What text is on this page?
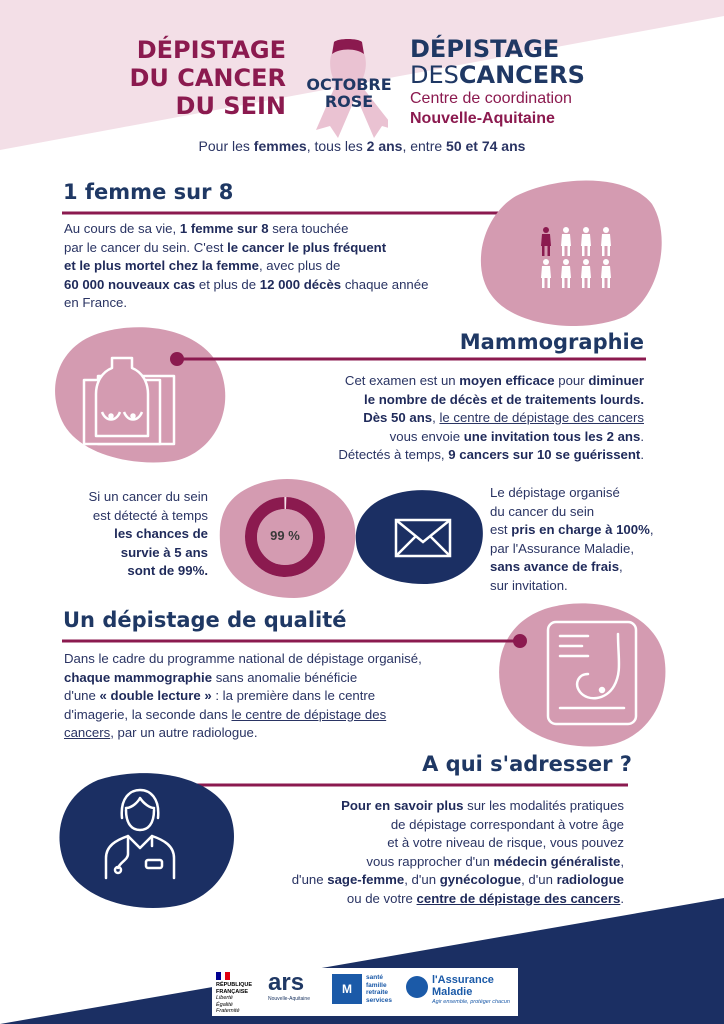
DÉPISTAGE
DU CANCER
DU SEIN
OCTOBRE
ROSE
DÉPISTAGE
DESCANCERS
Centre de coordination
Nouvelle-Aquitaine
Pour les femmes, tous les 2 ans, entre 50 et 74 ans
1 femme sur 8
Au cours de sa vie, 1 femme sur 8 sera touchée
par le cancer du sein. C'est le cancer le plus fréquent
et le plus mortel chez la femme, avec plus de
60 000 nouveaux cas et plus de 12 000 décès chaque année
en France.
Mammographie
Cet examen est un moyen efficace pour diminuer
le nombre de décès et de traitements lourds.
Dès 50 ans, le centre de dépistage des cancers
vous envoie une invitation tous les 2 ans.
Détectés à temps, 9 cancers sur 10 se guérissent.
Si un cancer du sein
est détecté à temps
les chances de
survie à 5 ans
sont de 99%.
99 %
Le dépistage organisé
du cancer du sein
est pris en charge à 100%,
par l'Assurance Maladie,
sans avance de frais,
sur invitation.
Un dépistage de qualité
Dans le cadre du programme national de dépistage organisé,
chaque mammographie sans anomalie bénéficie
d'une « double lecture » : la première dans le centre
d'imagerie, la seconde dans le centre de dépistage des
cancers, par un autre radiologue.
A qui s'adresser ?
Pour en savoir plus sur les modalités pratiques
de dépistage correspondant à votre âge
et à votre niveau de risque, vous pouvez
vous rapprocher d'un médecin généraliste,
d'une sage-femme, d'un gynécologue, d'un radiologue
ou de votre centre de dépistage des cancers.
le CRCDC-NA est financé par :
RÉPUBLIQUE
FRANÇAISE
Liberté
Égalité
Fraternité
ars
Nouvelle-Aquitaine
M
santé
famille
retraite
services
l'Assurance
Maladie
Agir ensemble, protéger chacun
